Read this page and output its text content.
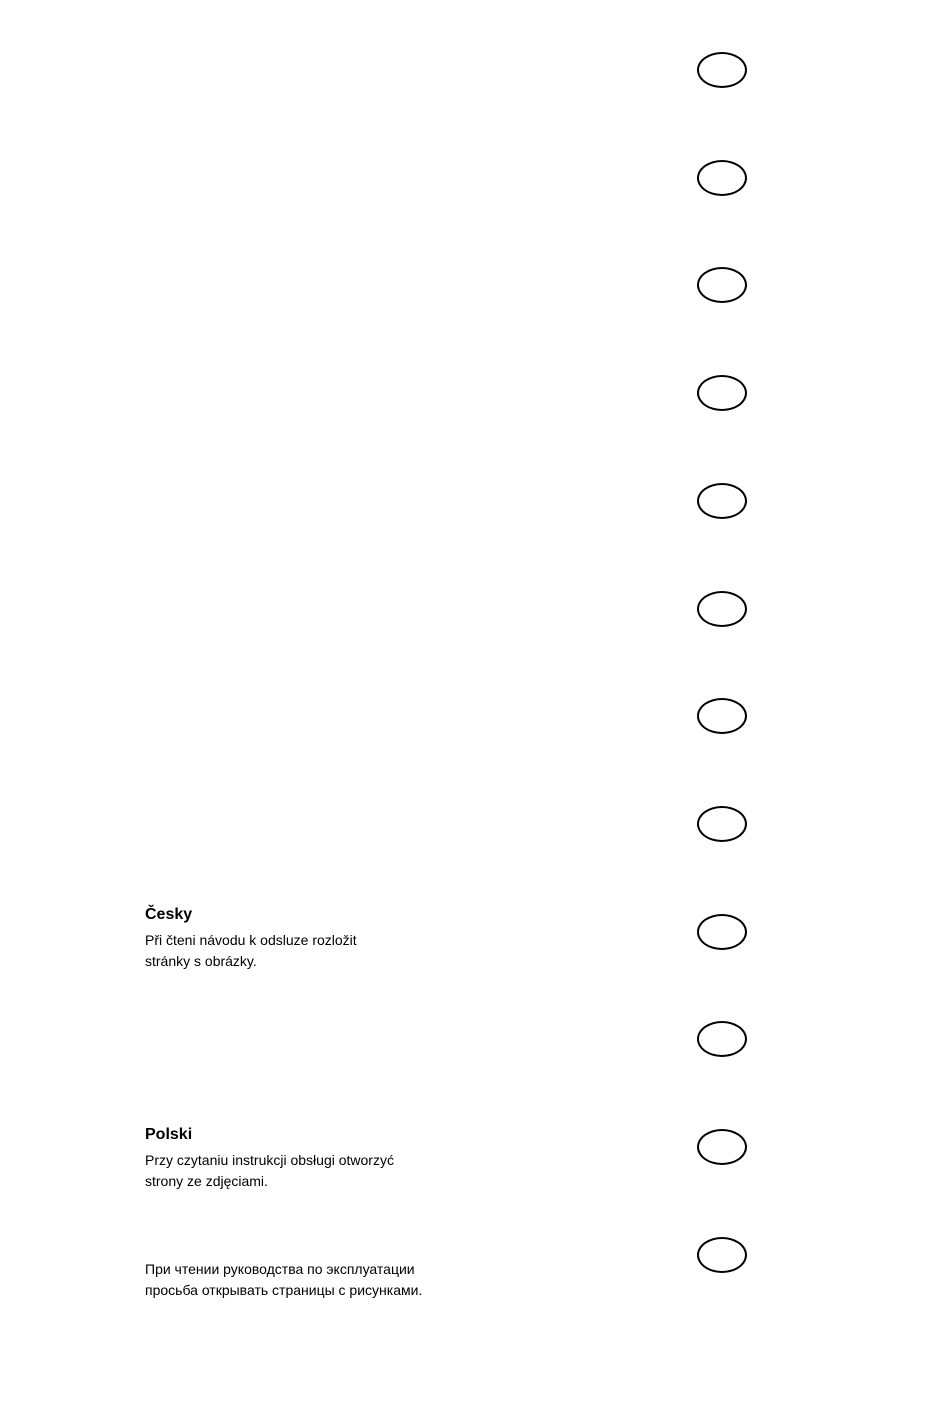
Česky

Při čteni návodu k odsluze rozložit
stránky s obrázky.

Polski

Przy czytaniu instrukcji obsługi otworzyć
strony ze zdjęciami.

При чтении руководства по эксплуатации
просьба открывать страницы с рисунками.
